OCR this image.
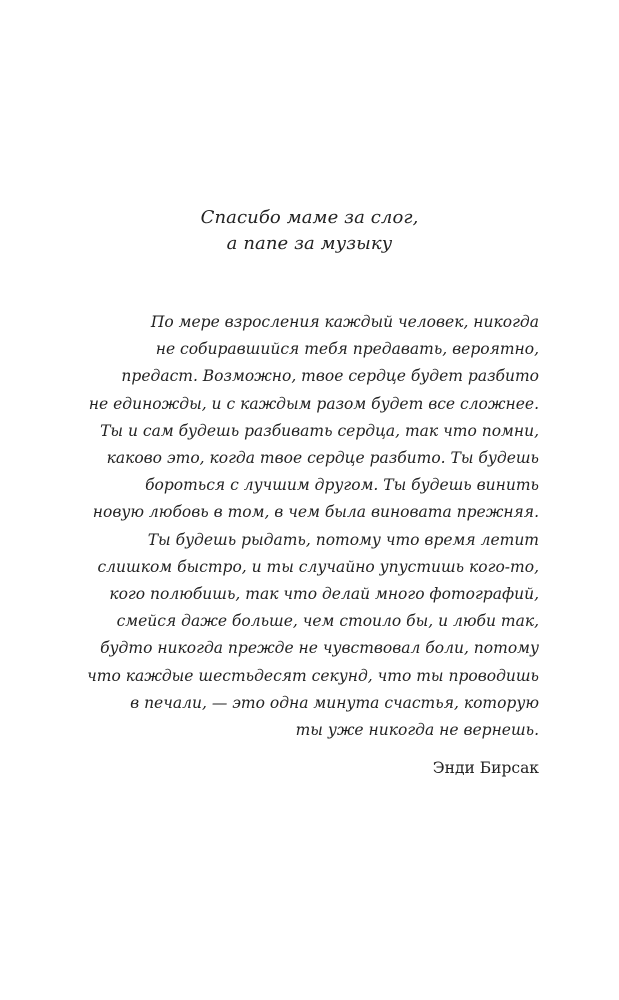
Спасибо маме за слог,
а папе за музыку
По мере взросления каждый человек, никогда
не собиравшийся тебя предавать, вероятно,
предаст. Возможно, твое сердце будет разбито
не единожды, и с каждым разом будет все сложнее.
Ты и сам будешь разбивать сердца, так что помни,
каково это, когда твое сердце разбито. Ты будешь
бороться с лучшим другом. Ты будешь винить
новую любовь в том, в чем была виновата прежняя.
Ты будешь рыдать, потому что время летит
слишком быстро, и ты случайно упустишь кого-то,
кого полюбишь, так что делай много фотографий,
смейся даже больше, чем стоило бы, и люби так,
будто никогда прежде не чувствовал боли, потому
что каждые шестьдесят секунд, что ты проводишь
в печали, — это одна минута счастья, которую
ты уже никогда не вернешь.
Энди Бирсак
